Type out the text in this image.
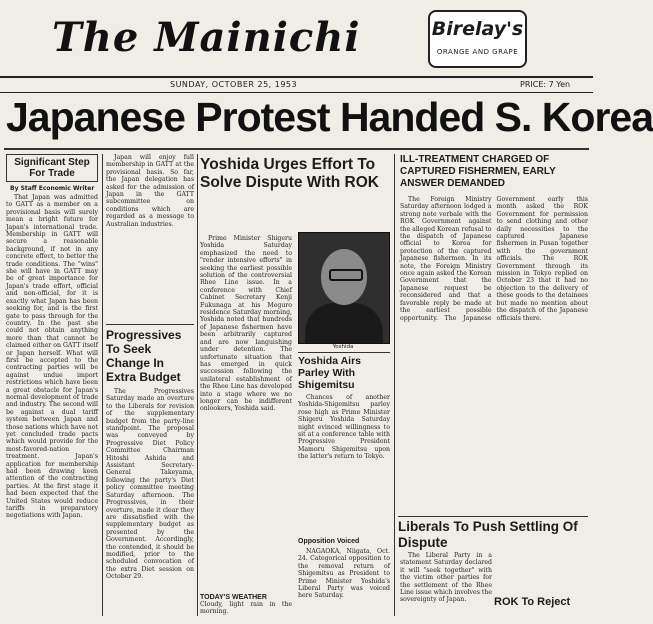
The Mainichi	Birelay's
ORANGE AND GRAPE
SUNDAY, OCTOBER 25, 1953	PRICE: 7 Yen
Japanese Protest Handed S. Korea
Significant Step For Trade
By Staff Economic Writer

That Japan was admitted to GATT as a member on a provisional basis will surely mean a bright future for Japan's international trade. Membership in GATT will secure a reasonable background, if not in any concrete effect, to better the trade conditions. The "wins" she will have in GATT may be of great importance for Japan's trade effort, official and non-official, for it is exactly what Japan has been seeking for, and is the first gate to pass through for the country. In the past she could not obtain anything more than that cannot be claimed either on GATT itself or Japan herself. What will first be accepted to the contracting parties will be against undue import restrictions which have been a great obstacle for Japan's normal development of trade and industry. The second will be against a dual tariff system between Japan and those nations which have not yet concluded trade pacts which would provide for the most-favored-nation treatment. Japan's application for membership had been drawing keen attention of the contracting parties. At the first stage it had been expected that the United States would reduce tariffs in preparatory negotiations with Japan.

Japan will enjoy full membership in GATT at the provisional basis. So far, the Japan delegation has asked for the admission of Japan in the GATT subcommittee on conditions which are regarded as a message to Australian industries.

Progressives To Seek Change In Extra Budget

The Progressives Saturday made an overture to the Liberals for revision of the supplementary budget from the party-line standpoint. The proposal was conveyed by Progressive Diet Policy Committee Chairman Hitoshi Ashida and Assistant Secretary-General Takeyama, following the party's Diet policy committee meeting Saturday afternoon. The Progressives, in their overture, made it clear they are dissatisfied with the supplementary budget as presented by the Government. Accordingly, the contended, it should be modified, prior to the scheduled convocation of the extra Diet session on October 29.

Prime Minister Shigeru Yoshida Saturday emphasized the need to "render intensive efforts" in seeking the earliest possible solution of the controversial Rhee Line issue. In a conference with Chief Cabinet Secretary Kenji Fukunaga at his Meguro residence Saturday morning, Yoshida noted that hundreds of Japanese fishermen have been arbitrarily captured and are now languishing under detention. The unfortunate situation that has emerged in quick succession following the unilateral establishment of the Rhee Line has developed into a stage where we no longer can be indifferent onlookers, Yoshida said.

TODAY'S WEATHER
Cloudy, light rain in the morning.
Yoshida Urges Effort To Solve Dispute With ROK
Yoshida
Yoshida Airs Parley With Shigemitsu

Chances of another Yoshida-Shigemitsu parley rose high as Prime Minister Shigeru Yoshida Saturday night evinced willingness to sit at a conference table with Progressive President Mamoru Shigemitsu upon the latter's return to Tokyo.

Opposition Voiced

NAGAOKA, Niigata, Oct. 24. Categorical opposition to the removal return of Shigemitsu as President to Prime Minister Yoshida's Liberal Party was voiced here Saturday.

ILL-TREATMENT CHARGED OF CAPTURED FISHERMEN, EARLY ANSWER DEMANDED

The Foreign Ministry Saturday afternoon lodged a strong note verbale with the ROK Government against the alleged Korean refusal to the dispatch of Japanese official to Korea for protection of the captured Japanese fishermen. In its note, the Foreign Ministry once again asked the Korean Government that the Japanese request be reconsidered and that a favorable reply be made at the earliest possible opportunity. The Japanese Government early this month asked the ROK Government for permission to send clothing and other daily necessities to the captured Japanese fishermen in Pusan together with the government officials. The ROK Government through its mission in Tokyo replied on October 23 that it had no objection to the delivery of these goods to the detainees but made no mention about the dispatch of the Japanese officials there.

Liberals To Push Settling Of Dispute

The Liberal Party in a statement Saturday declared it will "seek together" with the victim other parties for the settlement of the Rhee Line issue which involves the sovereignty of Japan.	ROK To Reject
